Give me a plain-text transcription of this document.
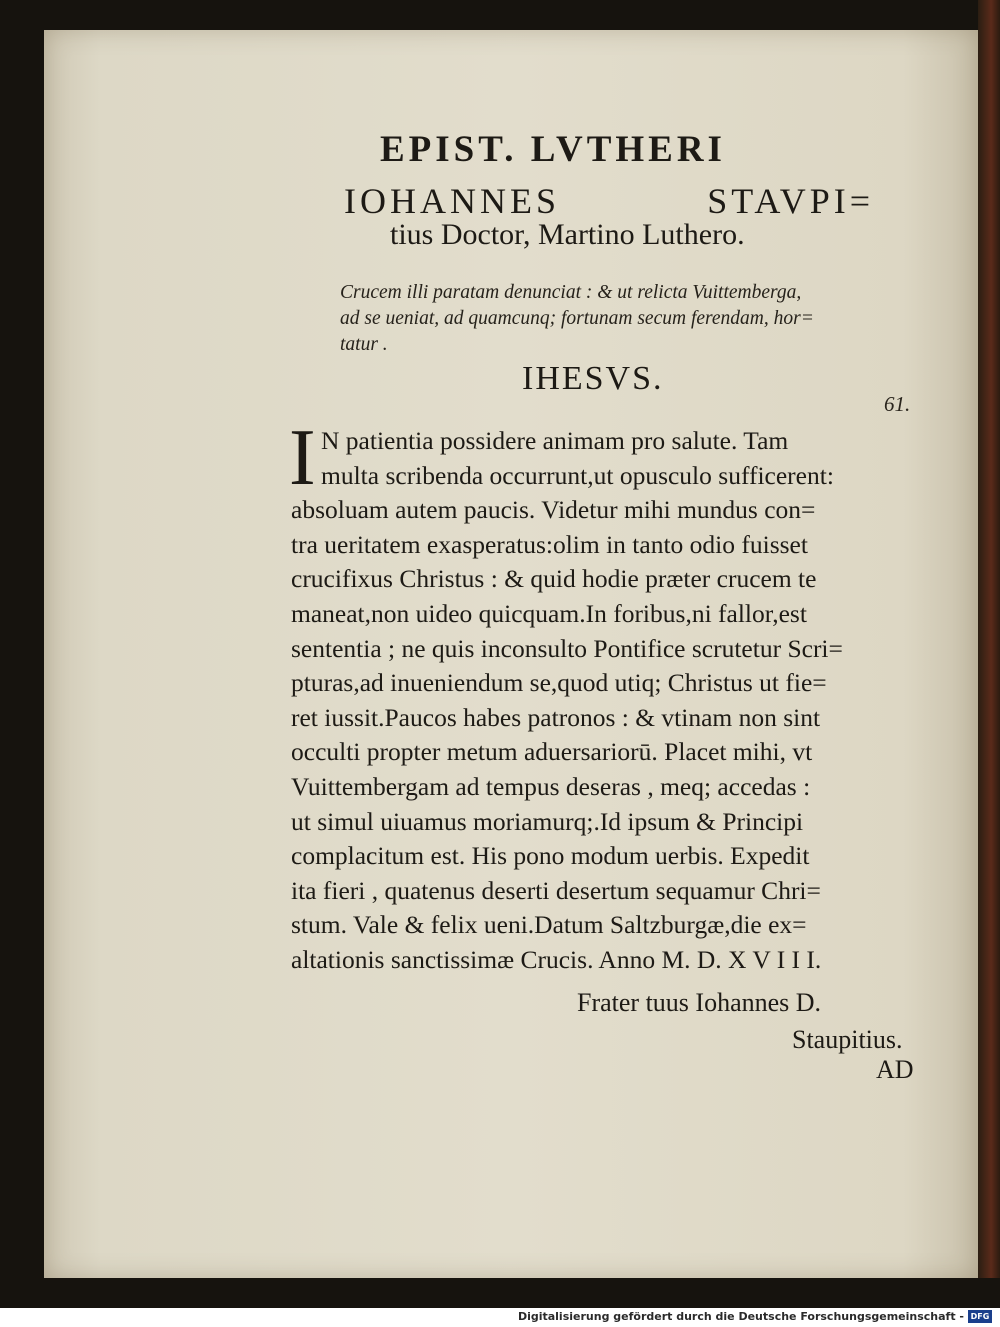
EPIST. LVTHERI
IOHANNES	STAVPI=
tius Doctor, Martino Luthero.
Crucem illi paratam denunciat : & ut relicta Vuittemberga,
ad se ueniat, ad quamcunq; fortunam secum ferendam, hor=
tatur .
IHESVS.
61.
I N patientia possidere animam pro salute. Tam
multa scribenda occurrunt,ut opusculo sufficerent:
absoluam autem paucis. Videtur mihi mundus con=
tra ueritatem exasperatus:olim in tanto odio fuisset
crucifixus Christus : & quid hodie præter crucem te
maneat,non uideo quicquam.In foribus,ni fallor,est
sententia ; ne quis inconsulto Pontifice scrutetur Scri=
pturas,ad inueniendum se,quod utiq; Christus ut fie=
ret iussit.Paucos habes patronos : & vtinam non sint
occulti propter metum aduersariorū. Placet mihi, vt
Vuittembergam ad tempus deseras , meq; accedas :
ut simul uiuamus moriamurq;.Id ipsum & Principi
complacitum est. His pono modum uerbis. Expedit
ita fieri , quatenus deserti desertum sequamur Chri=
stum. Vale & felix ueni.Datum Saltzburgæ,die ex=
altationis sanctissimæ Crucis. Anno M. D. X V I I I.
Frater tuus Iohannes D.
Staupitius.
AD
Digitalisierung gefördert durch die Deutsche Forschungsgemeinschaft - DFG
